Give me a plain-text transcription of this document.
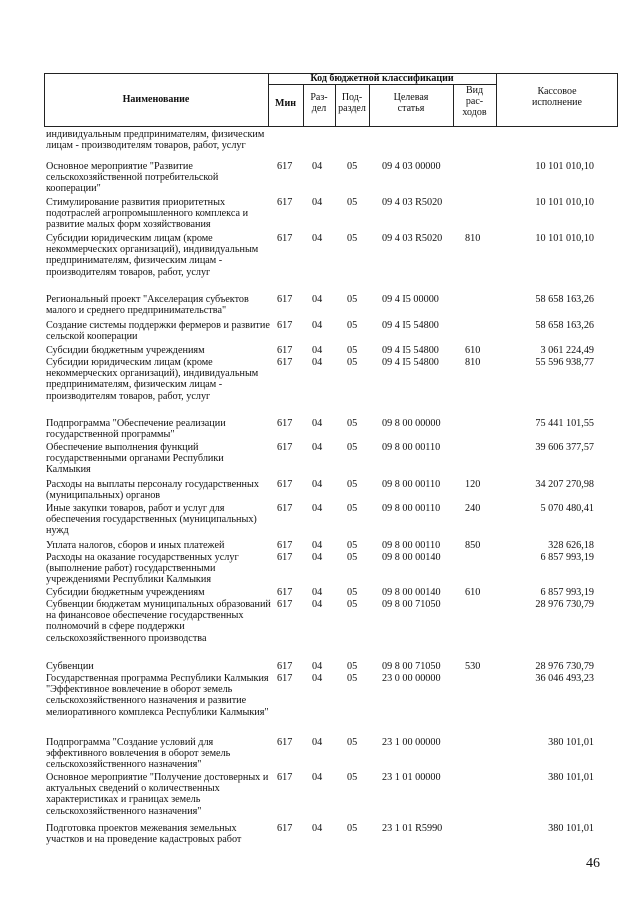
Наименование
Код бюджетной классификации
Мин
Раз-
дел
Под-
раздел
Целевая
статья
Вид
рас-
ходов
Кассовое
исполнение
индивидуальным предпринимателям, физическим лицам - производителям товаров, работ, услуг
Основное мероприятие "Развитие сельскохозяйственной потребительской кооперации"
617 04 05 09 4 03 00000	10 101 010,10
Стимулирование развития приоритетных подотраслей агропромышленного комплекса и развитие малых форм хозяйствования
617 04 05 09 4 03 R5020	10 101 010,10
Субсидии юридическим лицам (кроме некоммерческих организаций), индивидуальным предпринимателям, физическим лицам - производителям товаров, работ, услуг
617 04 05 09 4 03 R5020 810	10 101 010,10
Региональный проект "Акселерация субъектов малого и среднего предпринимательства"
617 04 05 09 4 I5 00000	58 658 163,26
Создание системы поддержки фермеров и развитие сельской кооперации
617 04 05 09 4 I5 54800	58 658 163,26
Субсидии бюджетным учреждениям	617 04 05 09 4 I5 54800	610	3 061 224,49
Субсидии юридическим лицам (кроме некоммерческих организаций), индивидуальным предпринимателям, физическим лицам - производителям товаров, работ, услуг
617 04 05 09 4 I5 54800	810	55 596 938,77
Подпрограмма "Обеспечение реализации государственной программы"
617 04 05 09 8 00 00000	75 441 101,55
Обеспечение выполнения функций государственными органами Республики Калмыкия
617 04 05 09 8 00 00110	39 606 377,57
Расходы на выплаты персоналу государственных (муниципальных) органов
617 04 05 09 8 00 00110 120	34 207 270,98
Иные закупки товаров, работ и услуг для обеспечения государственных (муниципальных) нужд
617 04 05 09 8 00 00110 240	5 070 480,41
Уплата налогов, сборов и иных платежей	617 04 05 09 8 00 00110 850	328 626,18
Расходы на оказание государственных услуг (выполнение работ) государственными учреждениями Республики Калмыкия
617 04 05 09 8 00 00140	6 857 993,19
Субсидии бюджетным учреждениям	617 04 05 09 8 00 00140 610	6 857 993,19
Субвенции бюджетам муниципальных образований на финансовое обеспечение государственных полномочий в сфере поддержки сельскохозяйственного производства
617 04 05 09 8 00 71050	28 976 730,79
Субвенции	617 04 05 09 8 00 71050 530	28 976 730,79
Государственная программа Республики Калмыкия "Эффективное вовлечение в оборот земель сельскохозяйственного назначения и развитие мелиоративного комплекса Республики Калмыкия"
617 04 05 23 0 00 00000	36 046 493,23
Подпрограмма "Создание условий для эффективного вовлечения в оборот земель сельскохозяйственного назначения"
617 04 05 23 1 00 00000	380 101,01
Основное мероприятие "Получение достоверных и актуальных сведений о количественных характеристиках и границах земель сельскохозяйственного назначения"
617 04 05 23 1 01 00000	380 101,01
Подготовка проектов межевания земельных участков и на проведение кадастровых работ
617 04 05 23 1 01 R5990	380 101,01
46
